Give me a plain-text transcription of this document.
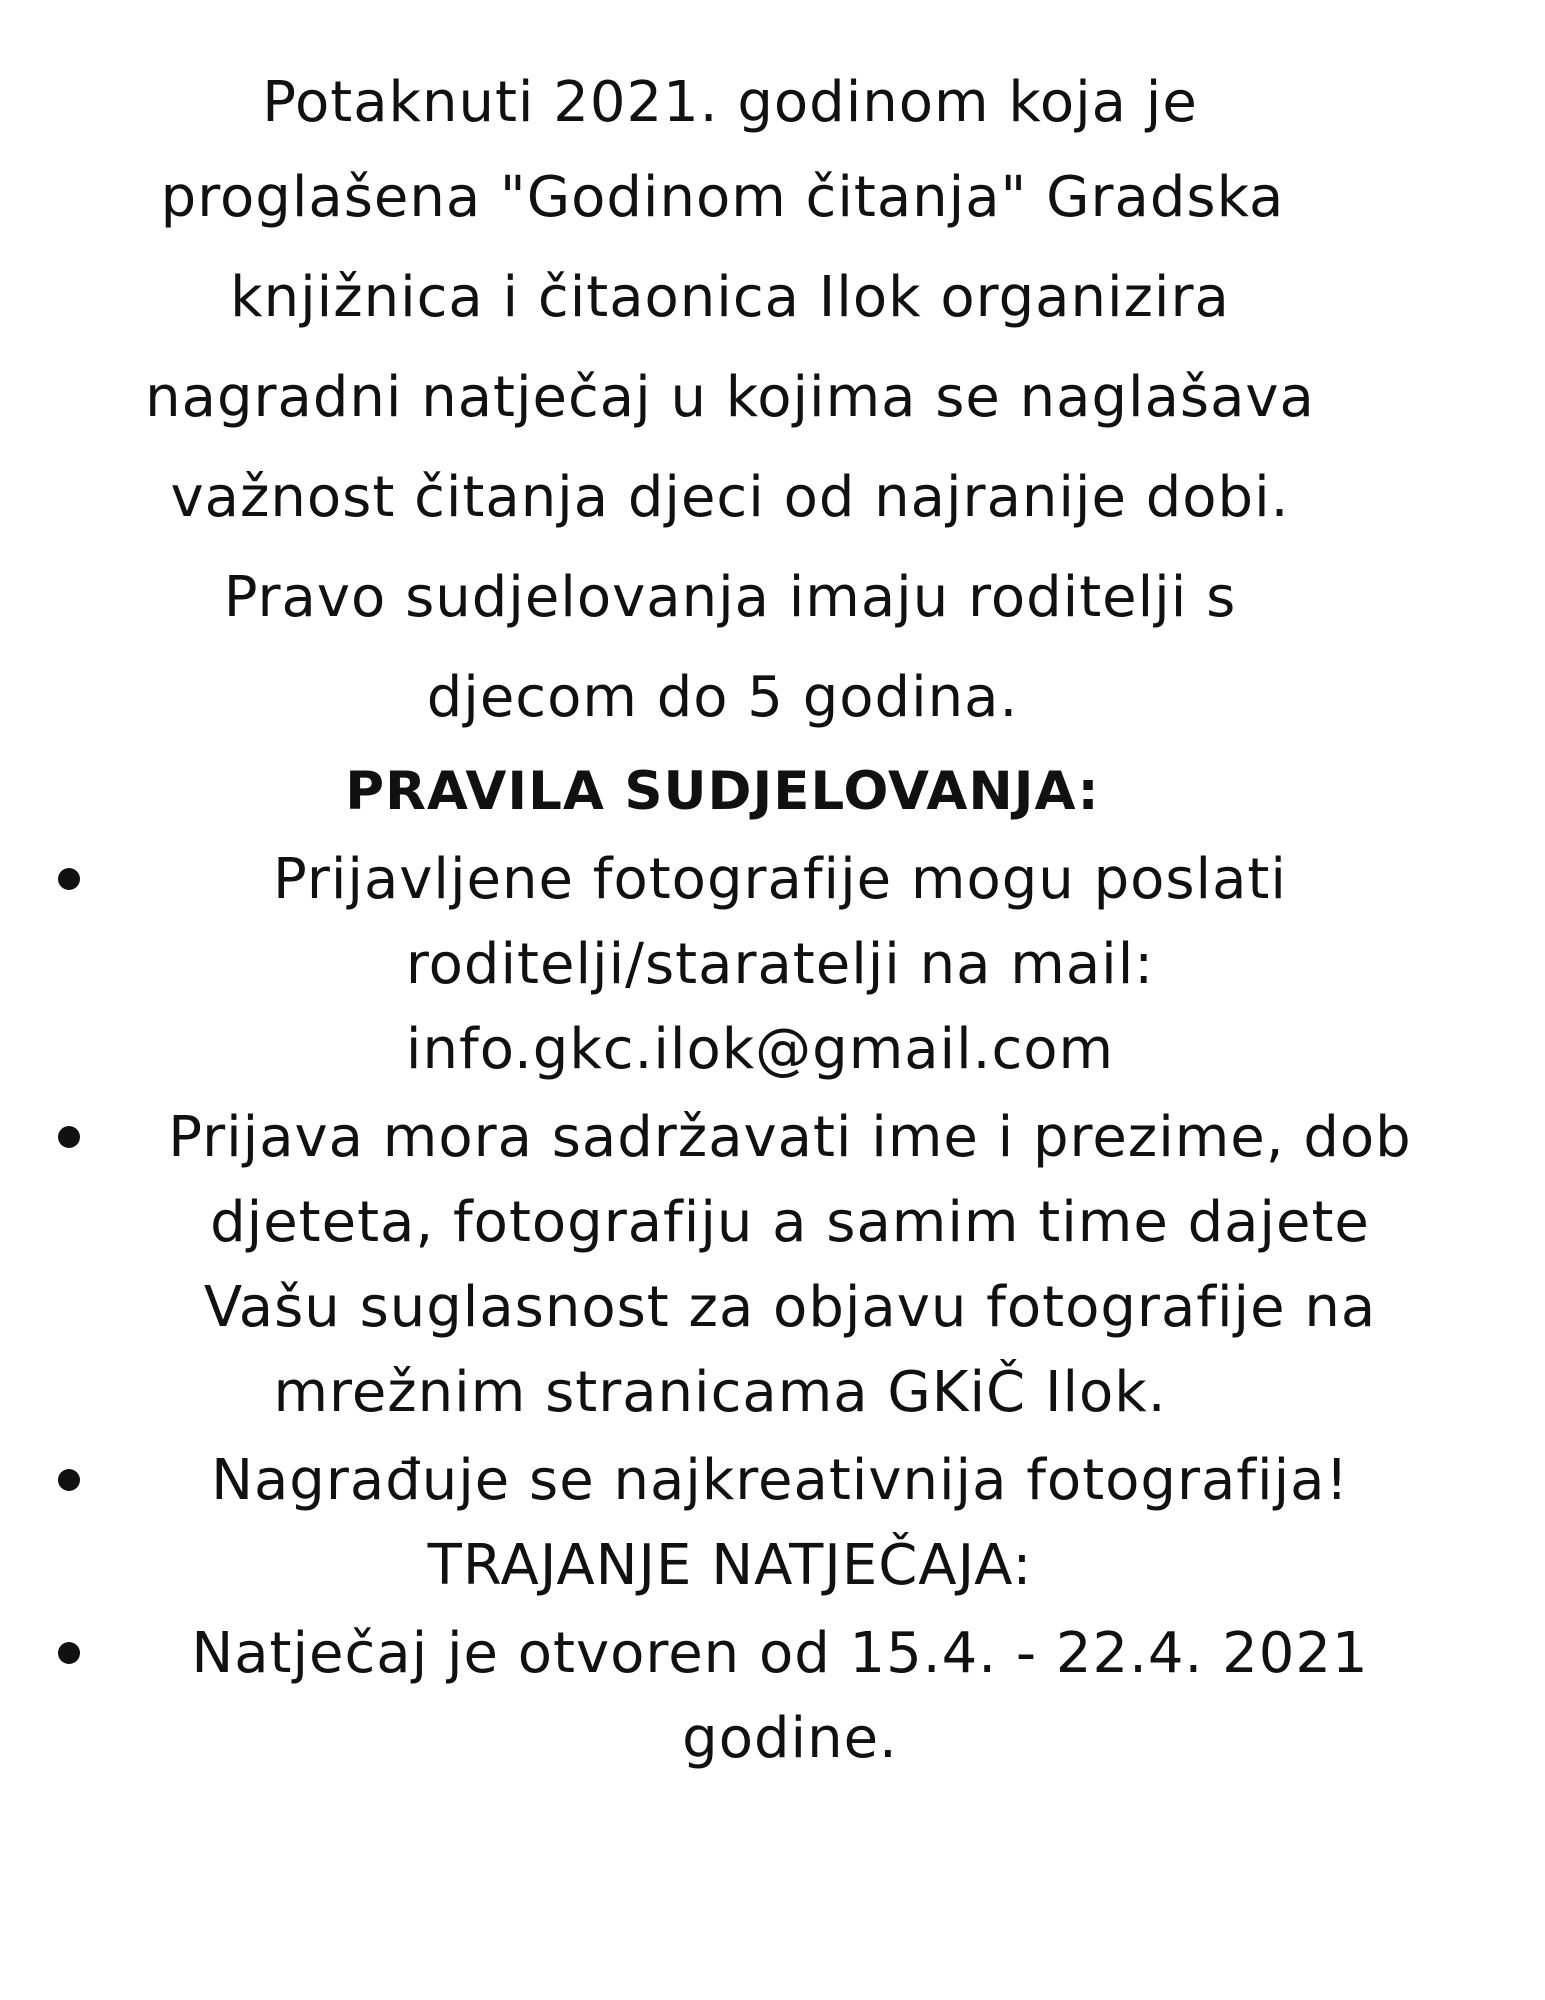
Potaknuti 2021. godinom koja je
proglašena "Godinom čitanja" Gradska
knjižnica i čitaonica Ilok organizira
nagradni natječaj u kojima se naglašava
važnost čitanja djeci od najranije dobi.
Pravo sudjelovanja imaju roditelji s
djecom do 5 godina.
PRAVILA SUDJELOVANJA:
Prijavljene fotografije mogu poslati
roditelji/staratelji na mail:
info.gkc.ilok@gmail.com
Prijava mora sadržavati ime i prezime, dob
djeteta, fotografiju a samim time dajete
Vašu suglasnost za objavu fotografije na
mrežnim stranicama GKiČ Ilok.
Nagrađuje se najkreativnija fotografija!
TRAJANJE NATJEČAJA:
Natječaj je otvoren od 15.4. - 22.4. 2021
godine.
